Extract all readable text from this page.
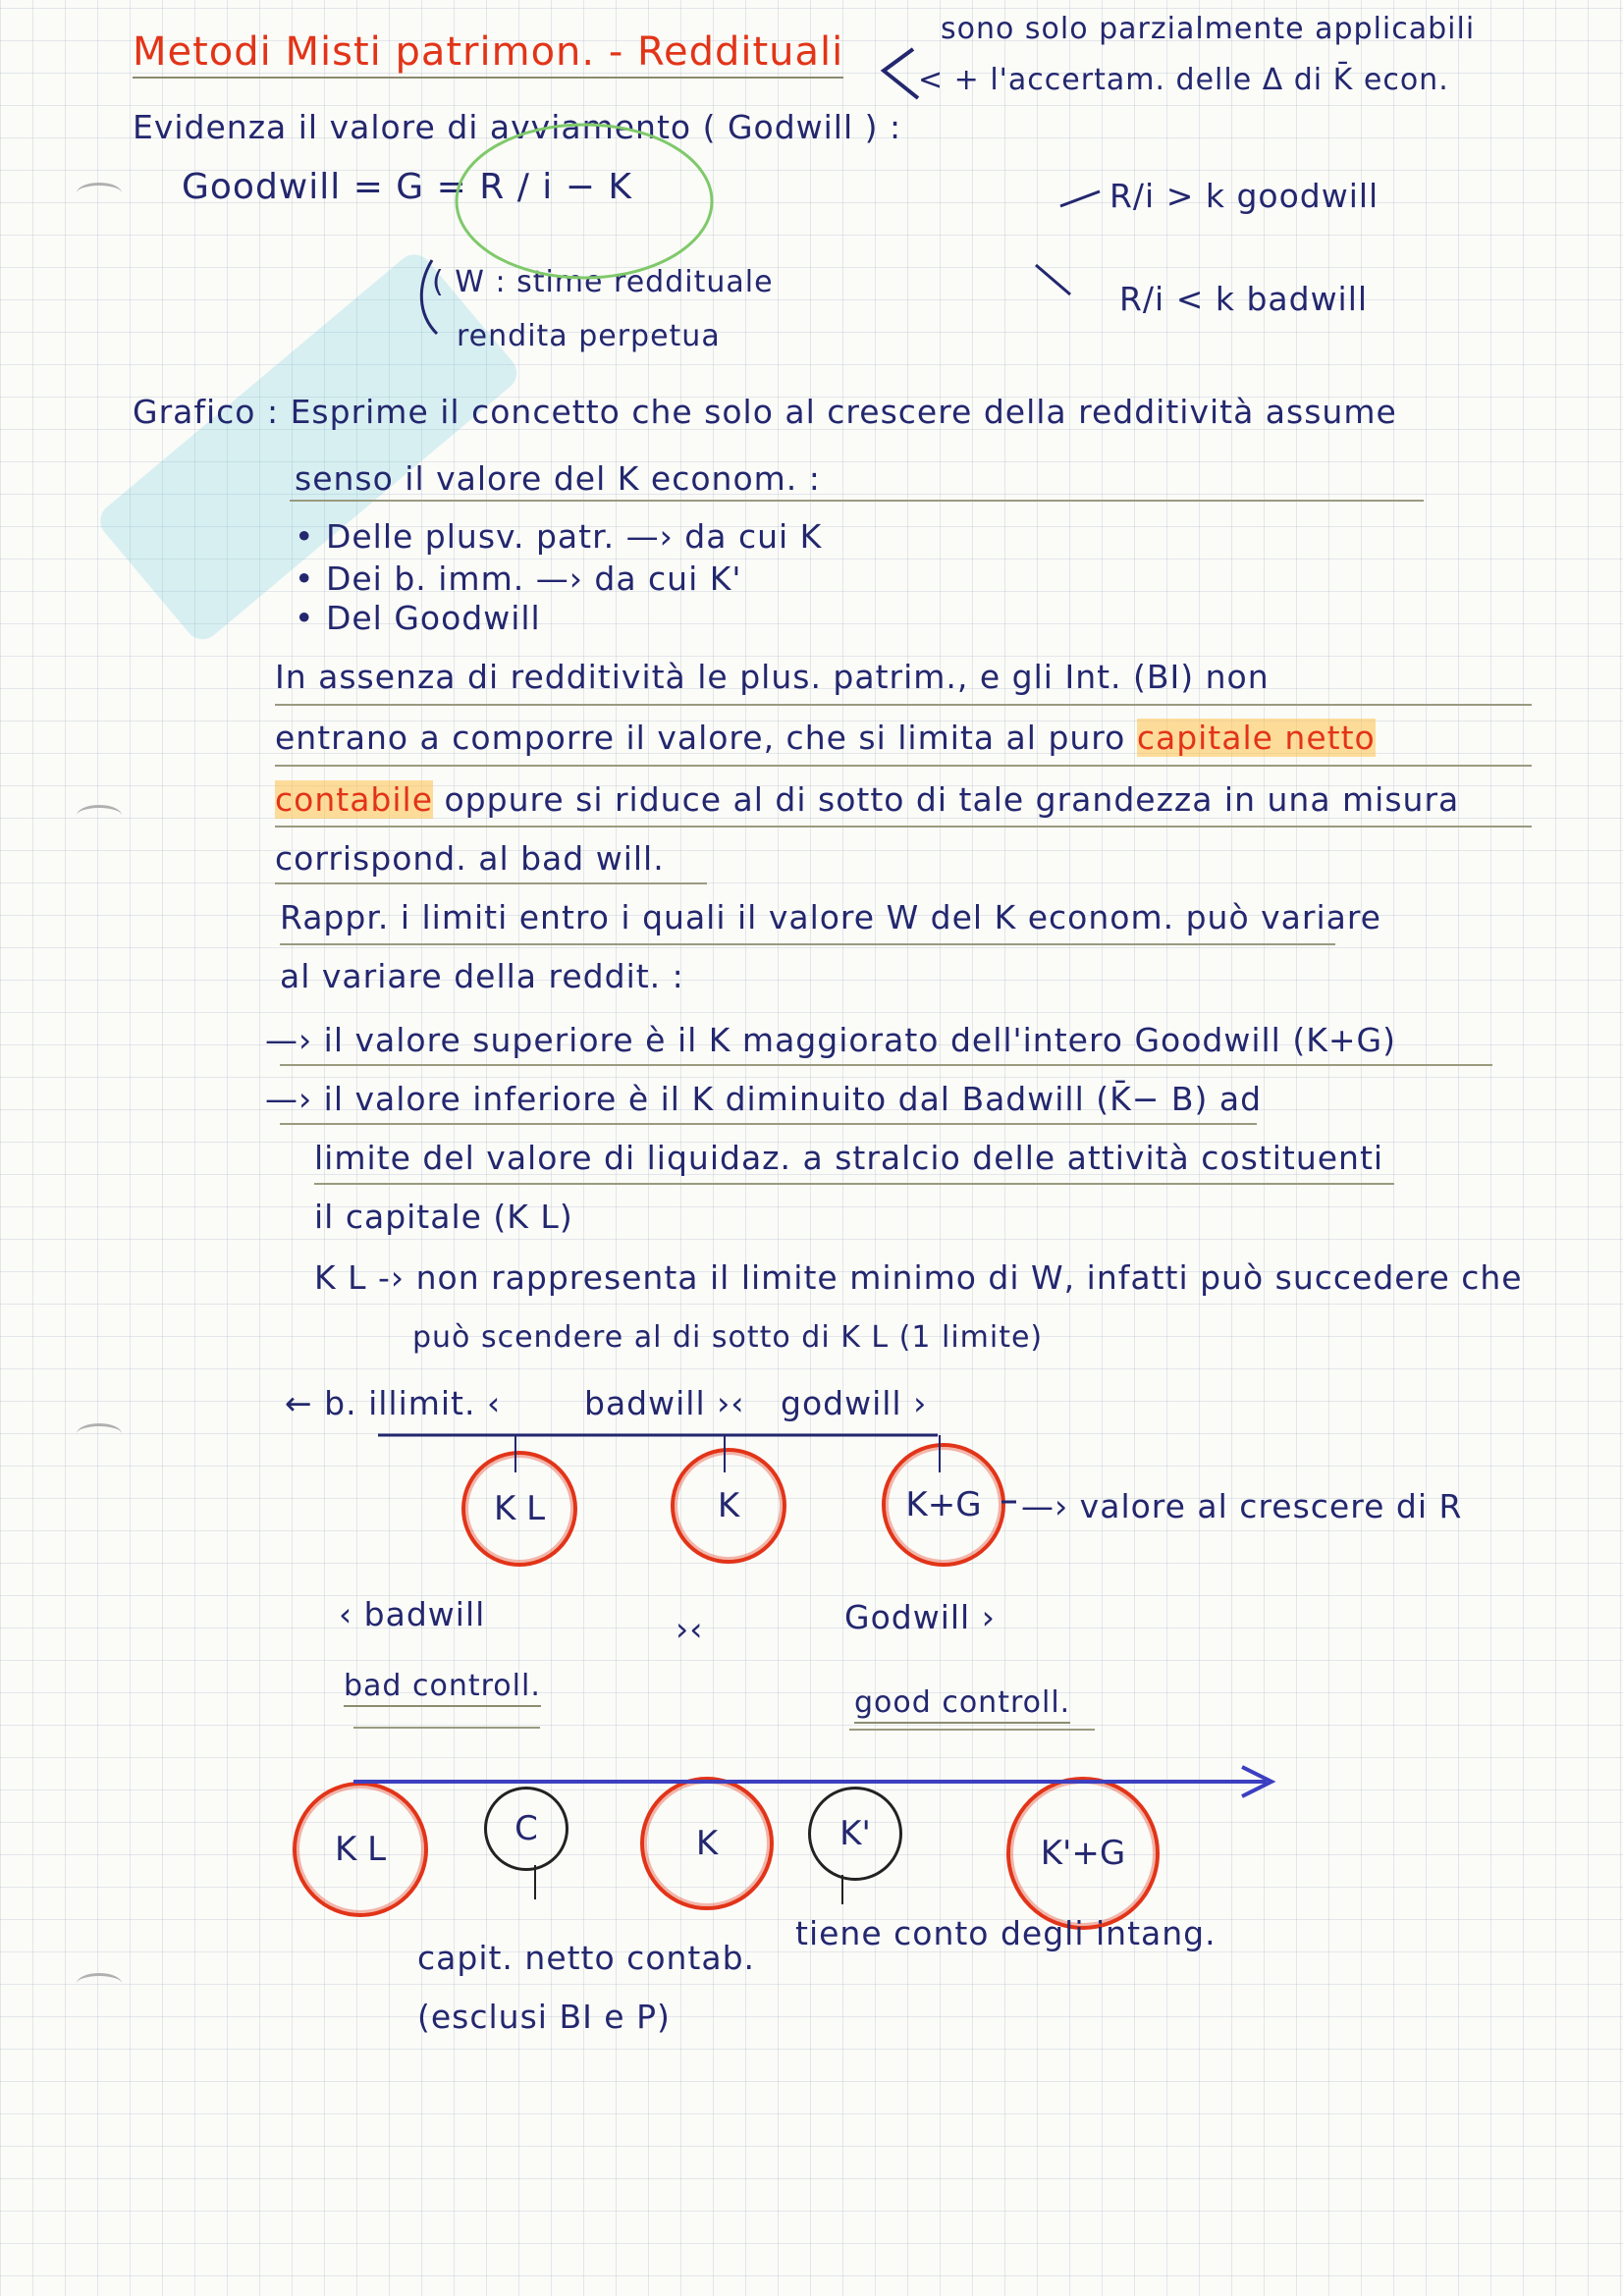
Metodi Misti patrimon. - Reddituali
sono solo parzialmente applicabili
< + l'accertam. delle Δ di K̄ econ.
Evidenza il valore di avviamento ( Godwill ) :
Goodwill = G = R / i − K
( W : stime reddituale
rendita perpetua
R/i > k goodwill
R/i < k badwill
Grafico : Esprime il concetto che solo al crescere della redditività assume
senso il valore del K econom. :
• Delle plusv. patr. —› da cui K
• Dei b. imm. —› da cui K'
• Del Goodwill
In assenza di redditività le plus. patrim., e gli Int. (BI) non
entrano a comporre il valore, che si limita al puro capitale netto
contabile oppure si riduce al di sotto di tale grandezza in una misura
corrispond. al bad will.
Rappr. i limiti entro i quali il valore W del K econom. può variare
al variare della reddit. :
—› il valore superiore è il K maggiorato dell'intero Goodwill (K+G)
—› il valore inferiore è il K diminuito dal Badwill (K̄− B) ad
limite del valore di liquidaz. a stralcio delle attività costituenti
il capitale (K L)
K L -› non rappresenta il limite minimo di W, infatti può succedere che
può scendere al di sotto di K L (1 limite)
← b. illimit. ‹	badwill ›‹ godwill ›
K L	K	K+G	—› valore al crescere di R
‹ badwill	›‹	Godwill ›
bad controll.	good controll.
K L
C	K	K'	K'+G
capit. netto contab.
(esclusi BI e P)
tiene conto degli intang.
